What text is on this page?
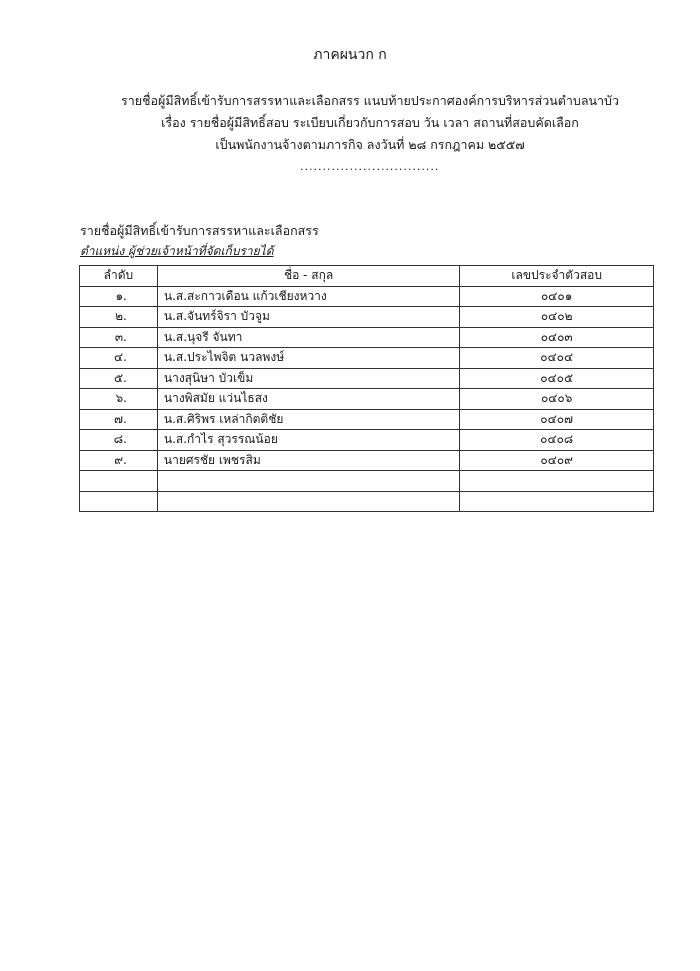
ภาคผนวก ก
รายชื่อผู้มีสิทธิ์เข้ารับการสรรหาและเลือกสรร แนบท้ายประกาศองค์การบริหารส่วนตำบลนาบัว
เรื่อง รายชื่อผู้มีสิทธิ์สอบ ระเบียบเกี่ยวกับการสอบ วัน เวลา สถานที่สอบคัดเลือก
เป็นพนักงานจ้างตามภารกิจ ลงวันที่ ๒๘ กรกฎาคม ๒๕๕๗
...............................
รายชื่อผู้มีสิทธิ์เข้ารับการสรรหาและเลือกสรร
ตำแหน่ง ผู้ช่วยเจ้าหน้าที่จัดเก็บรายได้
ลำดับ	ชื่อ - สกุล	เลขประจำตัวสอบ
๑.	น.ส.สะกาวเดือน แก้วเชียงหวาง	๐๔๐๑
๒.	น.ส.จันทร์จิรา บัวจูม	๐๔๐๒
๓.	น.ส.นุจรี จันทา	๐๔๐๓
๔.	น.ส.ประไพจิต นวลพงษ์	๐๔๐๔
๕.	นางสุนิษา บัวเข็ม	๐๔๐๕
๖.	นางพิสมัย แว่นไธสง	๐๔๐๖
๗.	น.ส.ศิริพร เหล่ากิตติชัย	๐๔๐๗
๘.	น.ส.กำไร สุวรรณน้อย	๐๔๐๘
๙.	นายศรชัย เพชรสิม	๐๔๐๙
